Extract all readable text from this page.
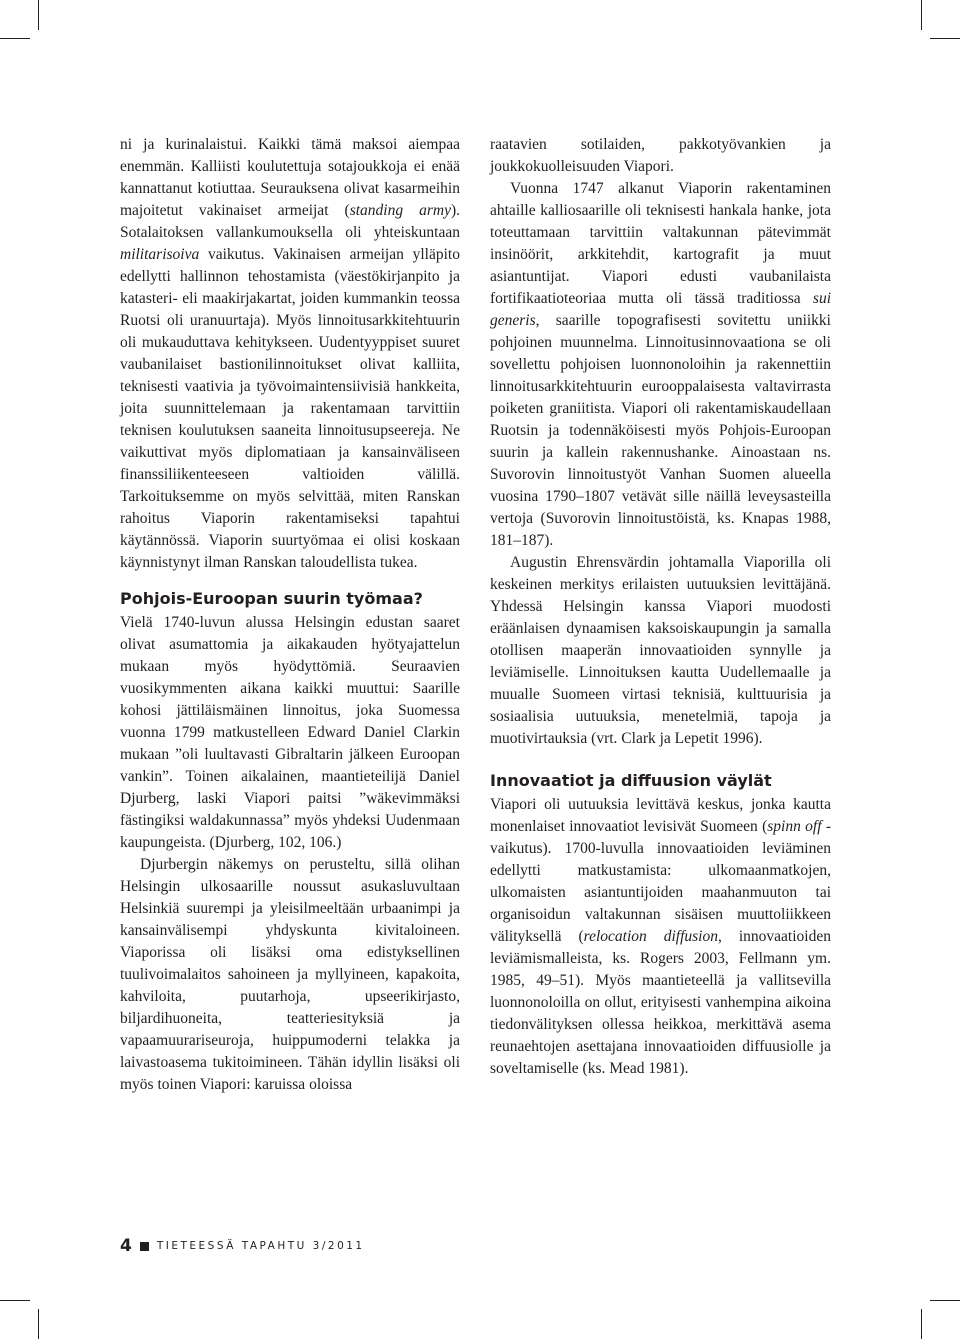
ni ja kurinalaistui. Kaikki tämä maksoi aiempaa enemmän. Kalliisti koulutettuja sotajoukkoja ei enää kannattanut kotiuttaa. Seurauksena olivat kasarmeihin majoitetut vakinaiset armeijat (standing army). Sotalaitoksen vallankumouksella oli yhteiskuntaan militarisoiva vaikutus. Vakinaisen armeijan ylläpito edellytti hallinnon tehostamista (väestökirjanpito ja katasteri- eli maakirjakartat, joiden kummankin teossa Ruotsi oli uranuurtaja). Myös linnoitusarkkitehtuurin oli mukauduttava kehitykseen. Uudentyyppiset suuret vaubanilaiset bastionilinnoitukset olivat kalliita, teknisesti vaativia ja työvoimaintensiivisiä hankkeita, joita suunnittelemaan ja rakentamaan tarvittiin teknisen koulutuksen saaneita linnoitusupseereja. Ne vaikuttivat myös diplomatiaan ja kansainväliseen finanssiliikenteeseen valtioiden välillä. Tarkoituksemme on myös selvittää, miten Ranskan rahoitus Viaporin rakentamiseksi tapahtui käytännössä. Viaporin suurtyömaa ei olisi koskaan käynnistynyt ilman Ranskan taloudellista tukea.

Pohjois-Euroopan suurin työmaa?

Vielä 1740-luvun alussa Helsingin edustan saaret olivat asumattomia ja aikakauden hyötyajattelun mukaan myös hyödyttömiä. Seuraavien vuosikymmenten aikana kaikki muuttui: Saarille kohosi jättiläismäinen linnoitus, joka Suomessa vuonna 1799 matkustelleen Edward Daniel Clarkin mukaan ”oli luultavasti Gibraltarin jälkeen Euroopan vankin”. Toinen aikalainen, maantieteilijä Daniel Djurberg, laski Viapori paitsi ”wäkevimmäksi fästingiksi waldakunnassa” myös yhdeksi Uudenmaan kaupungeista. (Djurberg, 102, 106.)

Djurbergin näkemys on perusteltu, sillä olihan Helsingin ulkosaarille noussut asukasluvultaan Helsinkiä suurempi ja yleisilmeeltään urbaanimpi ja kansainvälisempi yhdyskunta kivitaloineen. Viaporissa oli lisäksi oma edistyksellinen tuulivoimalaitos sahoineen ja myllyineen, kapakoita, kahviloita, puutarhoja, upseerikirjasto, biljardihuoneita, teatteriesityksiä ja vapaamuurariseuroja, huippumoderni telakka ja laivastoasema tukitoimineen. Tähän idyllin lisäksi oli myös toinen Viapori: karuissa oloissa

raatavien sotilaiden, pakkotyövankien ja joukkokuolleisuuden Viapori.

Vuonna 1747 alkanut Viaporin rakentaminen ahtaille kalliosaarille oli teknisesti hankala hanke, jota toteuttamaan tarvittiin valtakunnan pätevimmät insinöörit, arkkitehdit, kartografit ja muut asiantuntijat. Viapori edusti vaubanilaista fortifikaatioteoriaa mutta oli tässä traditiossa sui generis, saarille topografisesti sovitettu uniikki pohjoinen muunnelma. Linnoitusinnovaationa se oli sovellettu pohjoisen luonnonoloihin ja rakennettiin linnoitusarkkitehtuurin eurooppalaisesta valtavirrasta poiketen graniitista. Viapori oli rakentamiskaudellaan Ruotsin ja todennäköisesti myös Pohjois-Euroopan suurin ja kallein rakennushanke. Ainoastaan ns. Suvorovin linnoitustyöt Vanhan Suomen alueella vuosina 1790–1807 vetävät sille näillä leveysasteilla vertoja (Suvorovin linnoitustöistä, ks. Knapas 1988, 181–187).

Augustin Ehrensvärdin johtamalla Viaporilla oli keskeinen merkitys erilaisten uutuuksien levittäjänä. Yhdessä Helsingin kanssa Viapori muodosti eräänlaisen dynaamisen kaksoiskaupungin ja samalla otollisen maaperän innovaatioiden synnylle ja leviämiselle. Linnoituksen kautta Uudellemaalle ja muualle Suomeen virtasi teknisiä, kulttuurisia ja sosiaalisia uutuuksia, menetelmiä, tapoja ja muotivirtauksia (vrt. Clark ja Lepetit 1996).

Innovaatiot ja diffuusion väylät

Viapori oli uutuuksia levittävä keskus, jonka kautta monenlaiset innovaatiot levisivät Suomeen (spinn off -vaikutus). 1700-luvulla innovaatioiden leviäminen edellytti matkustamista: ulkomaanmatkojen, ulkomaisten asiantuntijoiden maahanmuuton tai organisoidun valtakunnan sisäisen muuttoliikkeen välityksellä (relocation diffusion, innovaatioiden leviämismalleista, ks. Rogers 2003, Fellmann ym. 1985, 49–51). Myös maantieteellä ja vallitsevilla luonnonoloilla on ollut, erityisesti vanhempina aikoina tiedonvälityksen ollessa heikkoa, merkittävä asema reunaehtojen asettajana innovaatioiden diffuusiolle ja soveltamiselle (ks. Mead 1981).

4 TIETEESSÄ TAPAHTU 3/2011
